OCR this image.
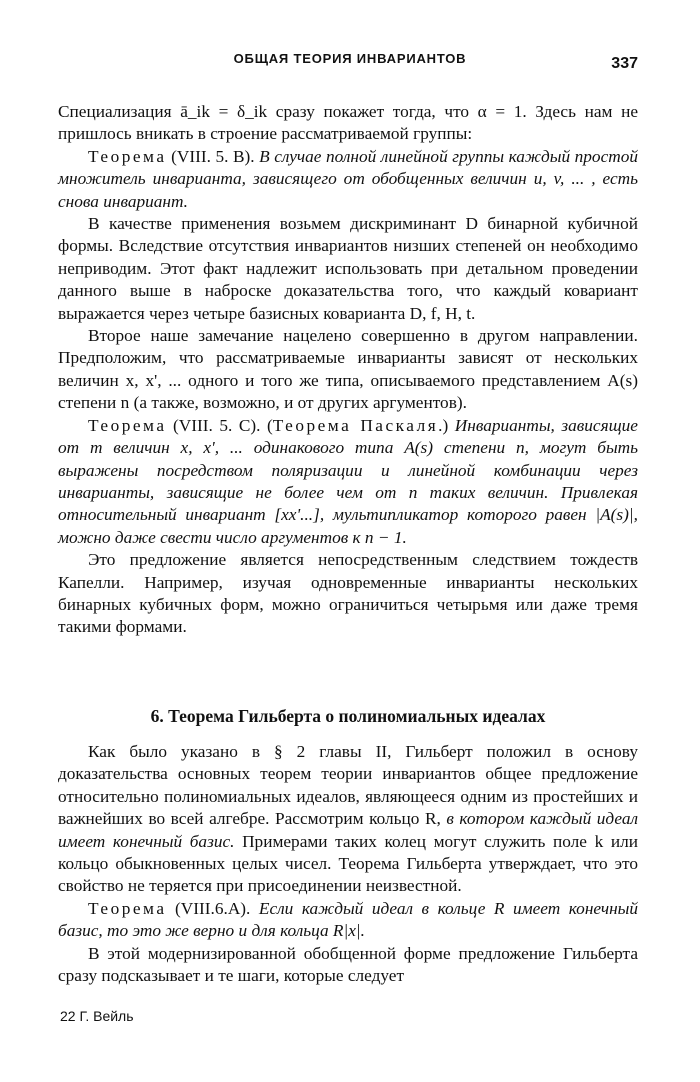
ОБЩАЯ ТЕОРИЯ ИНВАРИАНТОВ	337

Специализация ā_ik = δ_ik сразу покажет тогда, что α = 1. Здесь нам не пришлось вникать в строение рассматриваемой группы:

Теорема (VIII. 5. B). В случае полной линейной группы каждый простой множитель инварианта, зависящего от обобщенных величин u, v, ... , есть снова инвариант.

В качестве применения возьмем дискриминант D бинарной кубичной формы. Вследствие отсутствия инвариантов низших степеней он необходимо неприводим. Этот факт надлежит использовать при детальном проведении данного выше в наброске доказательства того, что каждый ковариант выражается через четыре базисных коварианта D, f, H, t.

Второе наше замечание нацелено совершенно в другом направлении. Предположим, что рассматриваемые инварианты зависят от нескольких величин x, x', ... одного и того же типа, описываемого представлением A(s) степени n (а также, возможно, и от других аргументов).

Теорема (VIII. 5. C). (Теорема Паскаля.) Инварианты, зависящие от m величин x, x', ... одинакового типа A(s) степени n, могут быть выражены посредством поляризации и линейной комбинации через инварианты, зависящие не более чем от n таких величин. Привлекая относительный инвариант [xx'...], мультипликатор которого равен |A(s)|, можно даже свести число аргументов к n − 1.

Это предложение является непосредственным следствием тождеств Капелли. Например, изучая одновременные инварианты нескольких бинарных кубичных форм, можно ограничиться четырьмя или даже тремя такими формами.

6. Теорема Гильберта о полиномиальных идеалах

Как было указано в § 2 главы II, Гильберт положил в основу доказательства основных теорем теории инвариантов общее предложение относительно полиномиальных идеалов, являющееся одним из простейших и важнейших во всей алгебре. Рассмотрим кольцо R, в котором каждый идеал имеет конечный базис. Примерами таких колец могут служить поле k или кольцо обыкновенных целых чисел. Теорема Гильберта утверждает, что это свойство не теряется при присоединении неизвестной.

Теорема (VIII.6.A). Если каждый идеал в кольце R имеет конечный базис, то это же верно и для кольца R|x|.

В этой модернизированной обобщенной форме предложение Гильберта сразу подсказывает и те шаги, которые следует

22 Г. Вейль
